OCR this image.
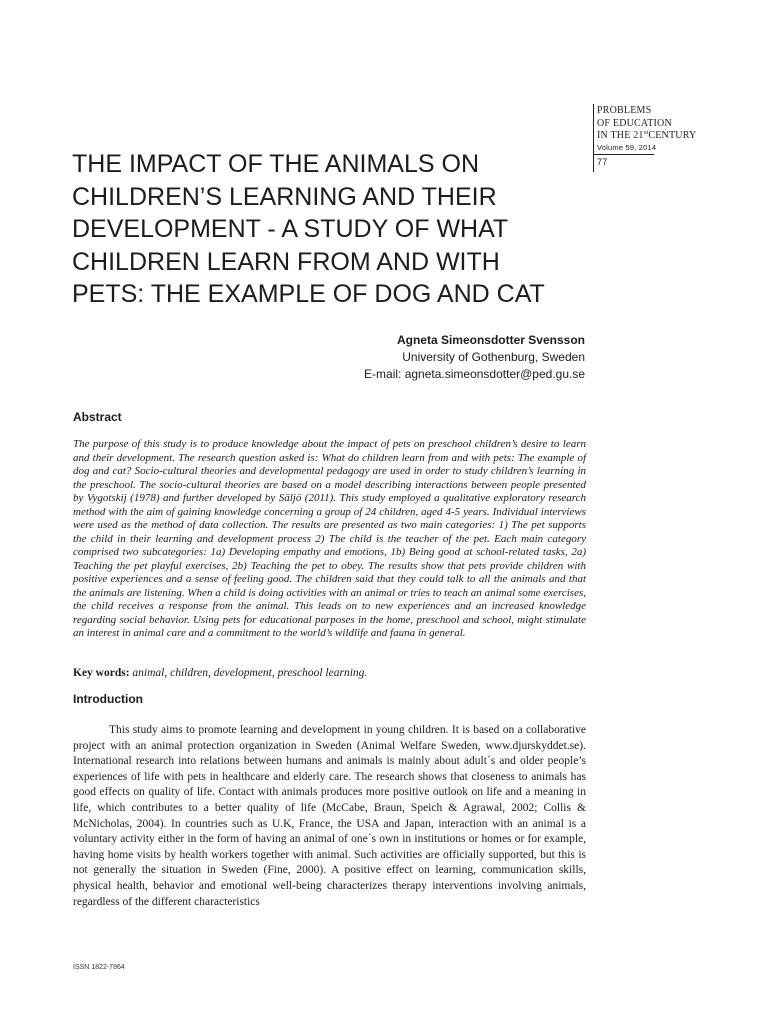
PROBLEMS
OF EDUCATION
IN THE 21stCENTURY
Volume 59, 2014
77
THE IMPACT OF THE ANIMALS ON CHILDREN’S LEARNING AND THEIR DEVELOPMENT - A STUDY OF WHAT CHILDREN LEARN FROM AND WITH PETS: THE EXAMPLE OF DOG AND CAT
Agneta Simeonsdotter Svensson
University of Gothenburg, Sweden
E-mail: agneta.simeonsdotter@ped.gu.se
Abstract

The purpose of this study is to produce knowledge about the impact of pets on preschool children’s desire to learn and their development. The research question asked is: What do children learn from and with pets: The example of dog and cat? Socio-cultural theories and developmental pedagogy are used in order to study children’s learning in the preschool. The socio-cultural theories are based on a model describing interactions between people presented by Vygotskij (1978) and further developed by Säljö (2011). This study employed a qualitative exploratory research method with the aim of gaining knowledge concerning a group of 24 children, aged 4-5 years. Individual interviews were used as the method of data collection. The results are presented as two main categories: 1) The pet supports the child in their learning and development process 2) The child is the teacher of the pet. Each main category comprised two subcategories: 1a) Developing empathy and emotions, 1b) Being good at school-related tasks, 2a) Teaching the pet playful exercises, 2b) Teaching the pet to obey. The results show that pets provide children with positive experiences and a sense of feeling good. The children said that they could talk to all the animals and that the animals are listening. When a child is doing activities with an animal or tries to teach an animal some exercises, the child receives a response from the animal. This leads on to new experiences and an increased knowledge regarding social behavior. Using pets for educational purposes in the home, preschool and school, might stimulate an interest in animal care and a commitment to the world’s wildlife and fauna in general.

Key words: animal, children, development, preschool learning.

Introduction

This study aims to promote learning and development in young children. It is based on a collaborative project with an animal protection organization in Sweden (Animal Welfare Sweden, www.djurskyddet.se). International research into relations between humans and animals is mainly about adult´s and older people’s experiences of life with pets in healthcare and elderly care. The research shows that closeness to animals has good effects on quality of life. Contact with animals produces more positive outlook on life and a meaning in life, which contributes to a better quality of life (McCabe, Braun, Speich & Agrawal, 2002; Collis & McNicholas, 2004). In countries such as U.K, France, the USA and Japan, interaction with an animal is a voluntary activity either in the form of having an animal of one´s own in institutions or homes or for example, having home visits by health workers together with animal. Such activities are officially supported, but this is not generally the situation in Sweden (Fine, 2000). A positive effect on learning, communication skills, physical health, behavior and emotional well-being characterizes therapy interventions involving animals, regardless of the different characteristics

ISSN 1822-7864
